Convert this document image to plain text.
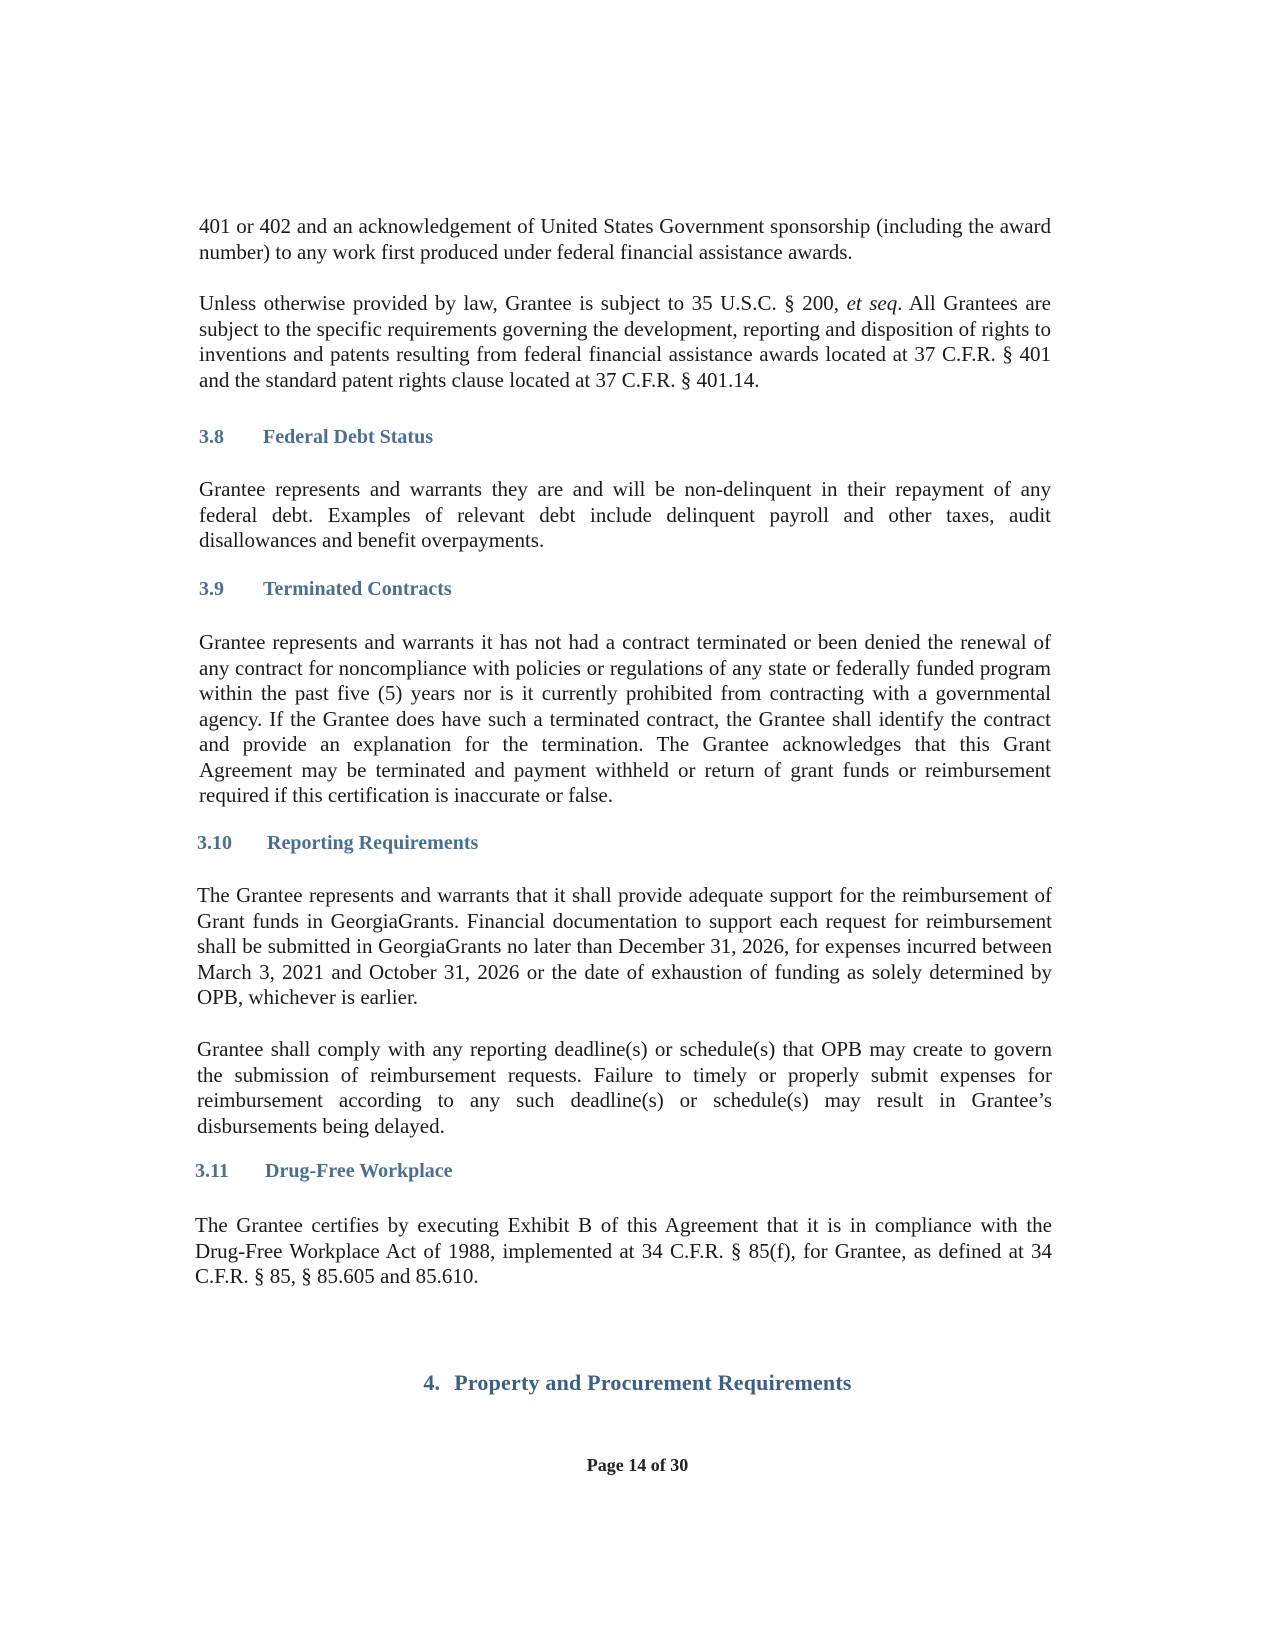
401 or 402 and an acknowledgement of United States Government sponsorship (including the award number) to any work first produced under federal financial assistance awards.

Unless otherwise provided by law, Grantee is subject to 35 U.S.C. § 200, et seq. All Grantees are subject to the specific requirements governing the development, reporting and disposition of rights to inventions and patents resulting from federal financial assistance awards located at 37 C.F.R. § 401 and the standard patent rights clause located at 37 C.F.R. § 401.14.

3.8 Federal Debt Status

Grantee represents and warrants they are and will be non-delinquent in their repayment of any federal debt. Examples of relevant debt include delinquent payroll and other taxes, audit disallowances and benefit overpayments.

3.9 Terminated Contracts

Grantee represents and warrants it has not had a contract terminated or been denied the renewal of any contract for noncompliance with policies or regulations of any state or federally funded program within the past five (5) years nor is it currently prohibited from contracting with a governmental agency. If the Grantee does have such a terminated contract, the Grantee shall identify the contract and provide an explanation for the termination. The Grantee acknowledges that this Grant Agreement may be terminated and payment withheld or return of grant funds or reimbursement required if this certification is inaccurate or false.

3.10 Reporting Requirements

The Grantee represents and warrants that it shall provide adequate support for the reimbursement of Grant funds in GeorgiaGrants. Financial documentation to support each request for reimbursement shall be submitted in GeorgiaGrants no later than December 31, 2026, for expenses incurred between March 3, 2021 and October 31, 2026 or the date of exhaustion of funding as solely determined by OPB, whichever is earlier.

Grantee shall comply with any reporting deadline(s) or schedule(s) that OPB may create to govern the submission of reimbursement requests. Failure to timely or properly submit expenses for reimbursement according to any such deadline(s) or schedule(s) may result in Grantee’s disbursements being delayed.

3.11 Drug-Free Workplace

The Grantee certifies by executing Exhibit B of this Agreement that it is in compliance with the Drug-Free Workplace Act of 1988, implemented at 34 C.F.R. § 85(f), for Grantee, as defined at 34 C.F.R. § 85, § 85.605 and 85.610.

4. Property and Procurement Requirements

Page 14 of 30
